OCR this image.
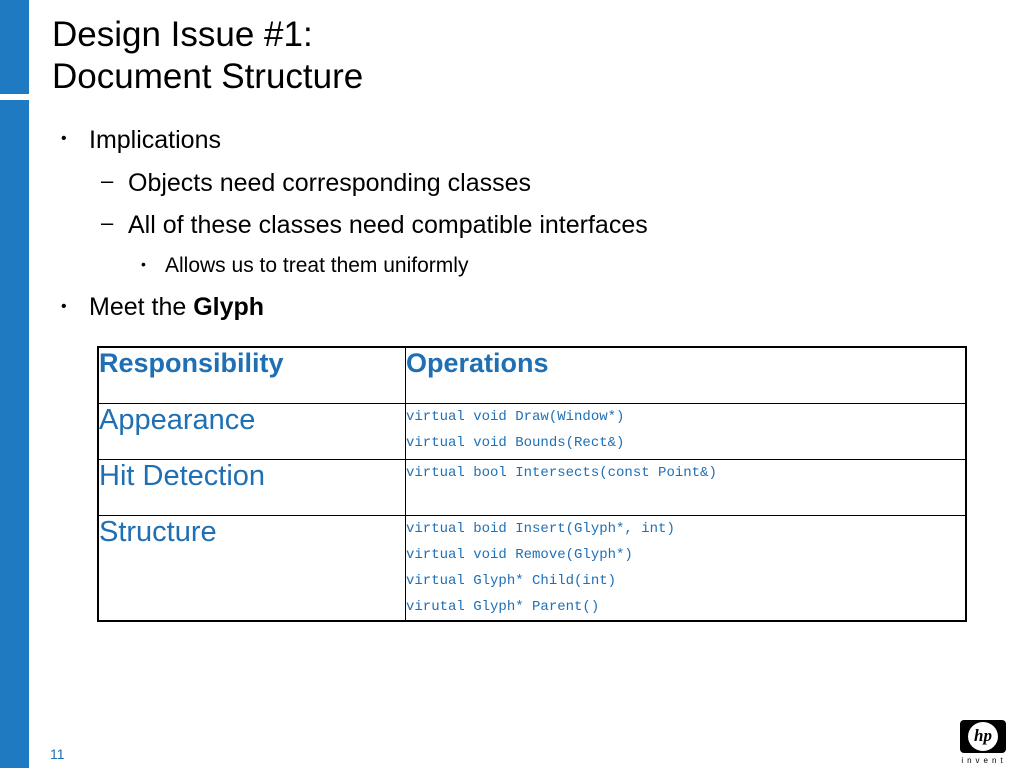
Design Issue #1:
Document Structure
• Implications
– Objects need corresponding classes
– All of these classes need compatible interfaces
• Allows us to treat them uniformly
• Meet the Glyph
Responsibility	Operations
Appearance	virtual void Draw(Window*)
virtual void Bounds(Rect&)

Hit Detection	virtual bool Intersects(const Point&)

Structure	virtual boid Insert(Glyph*, int)
virtual void Remove(Glyph*)
virtual Glyph* Child(int)
virutal Glyph* Parent()
11
hp
invent
